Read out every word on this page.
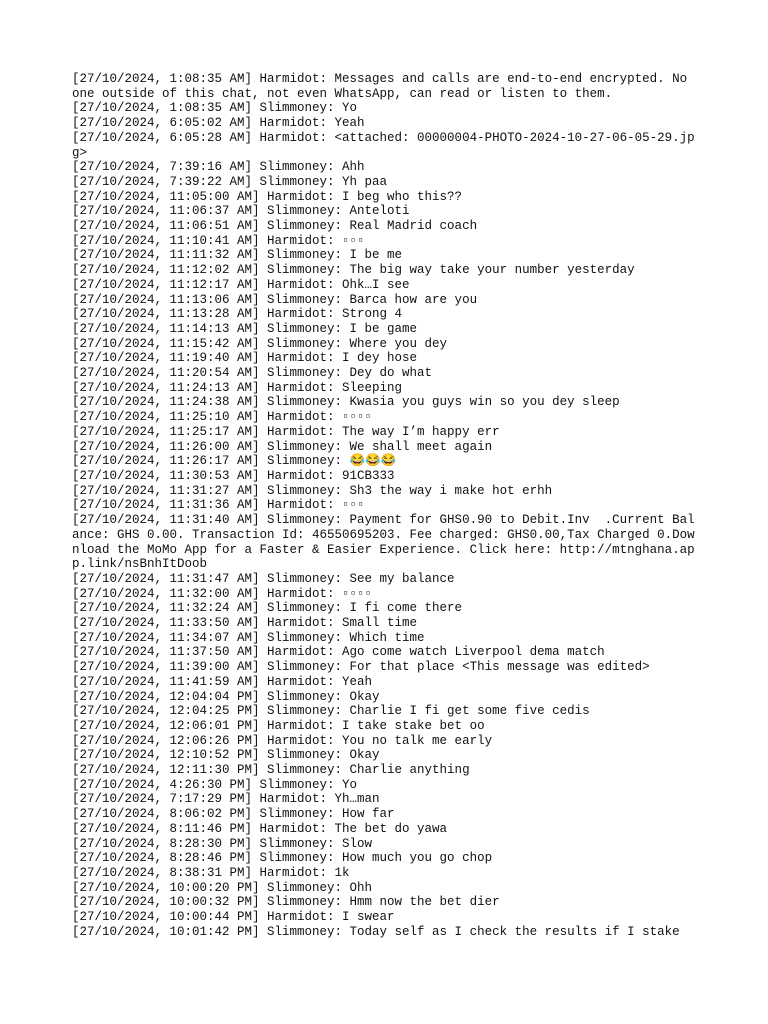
[27/10/2024, 1:08:35 AM] Harmidot: Messages and calls are end-to-end encrypted. No one outside of this chat, not even WhatsApp, can read or listen to them.
[27/10/2024, 1:08:35 AM] Slimmoney: Yo
[27/10/2024, 6:05:02 AM] Harmidot: Yeah
[27/10/2024, 6:05:28 AM] Harmidot: <attached: 00000004-PHOTO-2024-10-27-06-05-29.jpg>
[27/10/2024, 7:39:16 AM] Slimmoney: Ahh
[27/10/2024, 7:39:22 AM] Slimmoney: Yh paa
[27/10/2024, 11:05:00 AM] Harmidot: I beg who this??
[27/10/2024, 11:06:37 AM] Slimmoney: Anteloti
[27/10/2024, 11:06:51 AM] Slimmoney: Real Madrid coach
[27/10/2024, 11:10:41 AM] Harmidot: ▫▫▫
[27/10/2024, 11:11:32 AM] Slimmoney: I be me
[27/10/2024, 11:12:02 AM] Slimmoney: The big way take your number yesterday
[27/10/2024, 11:12:17 AM] Harmidot: Ohk…I see
[27/10/2024, 11:13:06 AM] Slimmoney: Barca how are you
[27/10/2024, 11:13:28 AM] Harmidot: Strong 4
[27/10/2024, 11:14:13 AM] Slimmoney: I be game
[27/10/2024, 11:15:42 AM] Slimmoney: Where you dey
[27/10/2024, 11:19:40 AM] Harmidot: I dey hose
[27/10/2024, 11:20:54 AM] Slimmoney: Dey do what
[27/10/2024, 11:24:13 AM] Harmidot: Sleeping
[27/10/2024, 11:24:38 AM] Slimmoney: Kwasia you guys win so you dey sleep
[27/10/2024, 11:25:10 AM] Harmidot: ▫▫▫▫
[27/10/2024, 11:25:17 AM] Harmidot: The way I’m happy err
[27/10/2024, 11:26:00 AM] Slimmoney: We shall meet again
[27/10/2024, 11:26:17 AM] Slimmoney: 😂😂😂
[27/10/2024, 11:30:53 AM] Harmidot: 91CB333
[27/10/2024, 11:31:27 AM] Slimmoney: Sh3 the way i make hot erhh
[27/10/2024, 11:31:36 AM] Harmidot: ▫▫▫
[27/10/2024, 11:31:40 AM] Slimmoney: Payment for GHS0.90 to Debit.Inv  .Current Balance: GHS 0.00. Transaction Id: 46550695203. Fee charged: GHS0.00,Tax Charged 0.Download the MoMo App for a Faster & Easier Experience. Click here: http://mtnghana.app.link/nsBnhItDoob
[27/10/2024, 11:31:47 AM] Slimmoney: See my balance
[27/10/2024, 11:32:00 AM] Harmidot: ▫▫▫▫
[27/10/2024, 11:32:24 AM] Slimmoney: I fi come there
[27/10/2024, 11:33:50 AM] Harmidot: Small time
[27/10/2024, 11:34:07 AM] Slimmoney: Which time
[27/10/2024, 11:37:50 AM] Harmidot: Ago come watch Liverpool dema match
[27/10/2024, 11:39:00 AM] Slimmoney: For that place <This message was edited>
[27/10/2024, 11:41:59 AM] Harmidot: Yeah
[27/10/2024, 12:04:04 PM] Slimmoney: Okay
[27/10/2024, 12:04:25 PM] Slimmoney: Charlie I fi get some five cedis
[27/10/2024, 12:06:01 PM] Harmidot: I take stake bet oo
[27/10/2024, 12:06:26 PM] Harmidot: You no talk me early
[27/10/2024, 12:10:52 PM] Slimmoney: Okay
[27/10/2024, 12:11:30 PM] Slimmoney: Charlie anything
[27/10/2024, 4:26:30 PM] Slimmoney: Yo
[27/10/2024, 7:17:29 PM] Harmidot: Yh…man
[27/10/2024, 8:06:02 PM] Slimmoney: How far
[27/10/2024, 8:11:46 PM] Harmidot: The bet do yawa
[27/10/2024, 8:28:30 PM] Slimmoney: Slow
[27/10/2024, 8:28:46 PM] Slimmoney: How much you go chop
[27/10/2024, 8:38:31 PM] Harmidot: 1k
[27/10/2024, 10:00:20 PM] Slimmoney: Ohh
[27/10/2024, 10:00:32 PM] Slimmoney: Hmm now the bet dier
[27/10/2024, 10:00:44 PM] Harmidot: I swear
[27/10/2024, 10:01:42 PM] Slimmoney: Today self as I check the results if I stake
